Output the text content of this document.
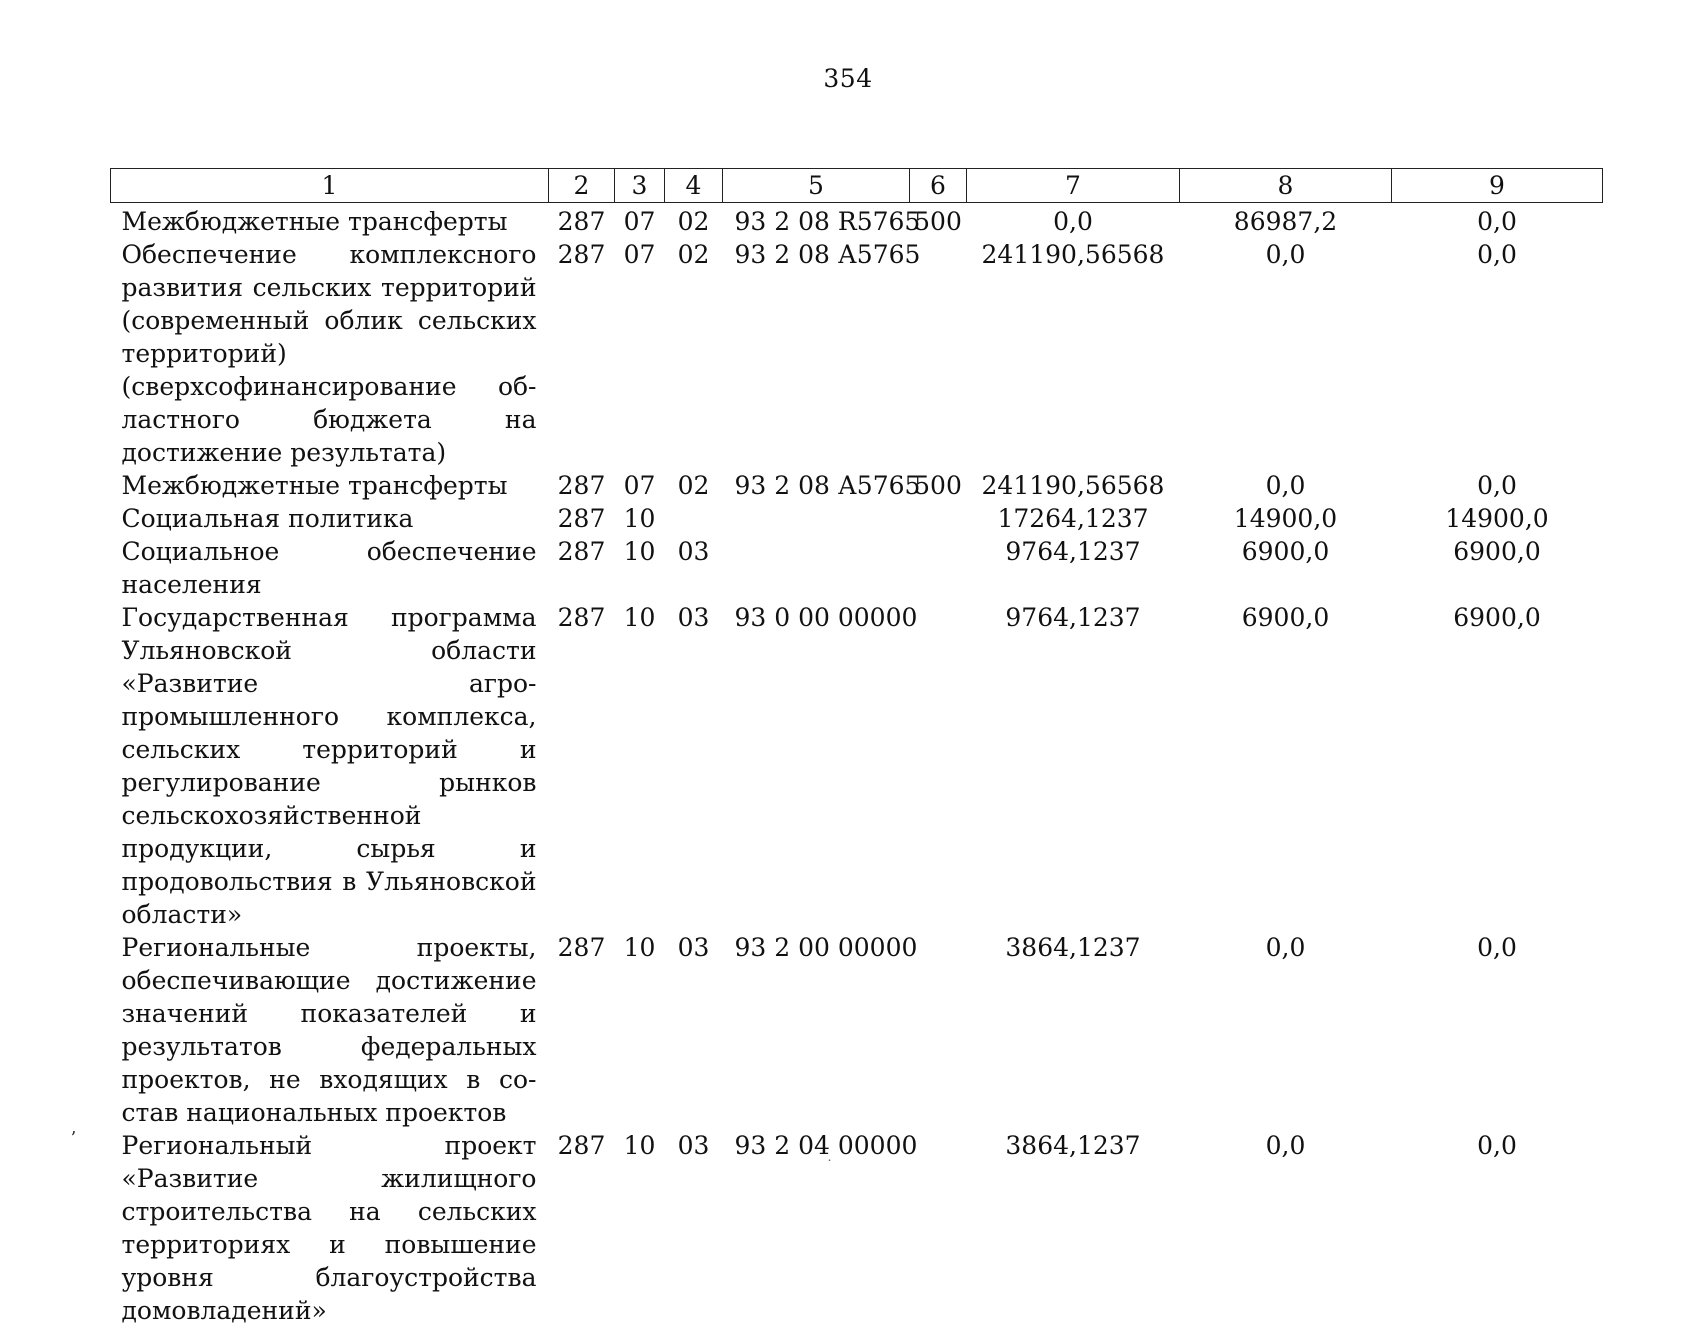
354
1	2	3	4	5	6	7	8	9
Межбюджетные трансферты	287	07	02	93 2 08 R5765	500	0,0	86987,2	0,0
Обеспечение комплексного развития сельских территорий (современный облик сельских территорий) (сверхсофинансирование областного бюджета на достижение результата)	287	07	02	93 2 08 А5765		241190,56568	0,0	0,0
Межбюджетные трансферты	287	07	02	93 2 08 А5765	500	241190,56568	0,0	0,0
Социальная политика	287	10				17264,1237	14900,0	14900,0
Социальное обеспечение населения	287	10	03			9764,1237	6900,0	6900,0
Государственная программа Ульяновской области «Развитие агропромышленного комплекса, сельских территорий и регулирование рынков сельскохозяйственной продукции, сырья и продовольствия в Ульяновской области»	287	10	03	93 0 00 00000		9764,1237	6900,0	6900,0
Региональные проекты, обеспечивающие достижение значений показателей и результатов федеральных проектов, не входящих в состав национальных проектов	287	10	03	93 2 00 00000		3864,1237	0,0	0,0
Региональный проект «Развитие жилищного строительства на сельских территориях и повышение уровня благоустройства домовладений»	287	10	03	93 2 04 00000		3864,1237	0,0	0,0
ʼ
˙
